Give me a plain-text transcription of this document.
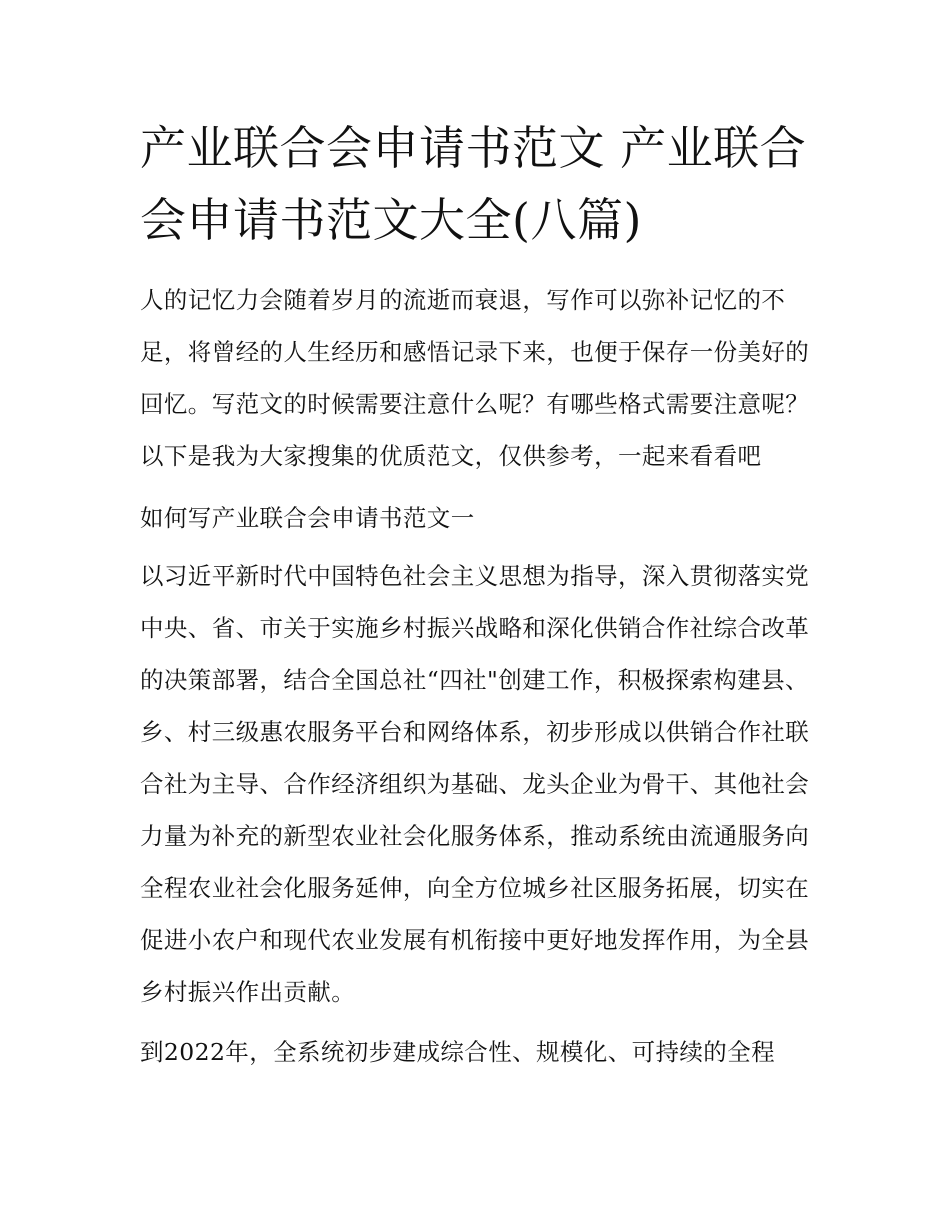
产业联合会申请书范文 产业联合会申请书范文大全(八篇)

人的记忆力会随着岁月的流逝而衰退，写作可以弥补记忆的不足，将曾经的人生经历和感悟记录下来，也便于保存一份美好的回忆。写范文的时候需要注意什么呢？有哪些格式需要注意呢？以下是我为大家搜集的优质范文，仅供参考，一起来看看吧

如何写产业联合会申请书范文一

以习近平新时代中国特色社会主义思想为指导，深入贯彻落实党中央、省、市关于实施乡村振兴战略和深化供销合作社综合改革的决策部署，结合全国总社“四社"创建工作，积极探索构建县、乡、村三级惠农服务平台和网络体系，初步形成以供销合作社联合社为主导、合作经济组织为基础、龙头企业为骨干、其他社会力量为补充的新型农业社会化服务体系，推动系统由流通服务向全程农业社会化服务延伸，向全方位城乡社区服务拓展，切实在促进小农户和现代农业发展有机衔接中更好地发挥作用，为全县乡村振兴作出贡献。

到2022年，全系统初步建成综合性、规模化、可持续的全程
